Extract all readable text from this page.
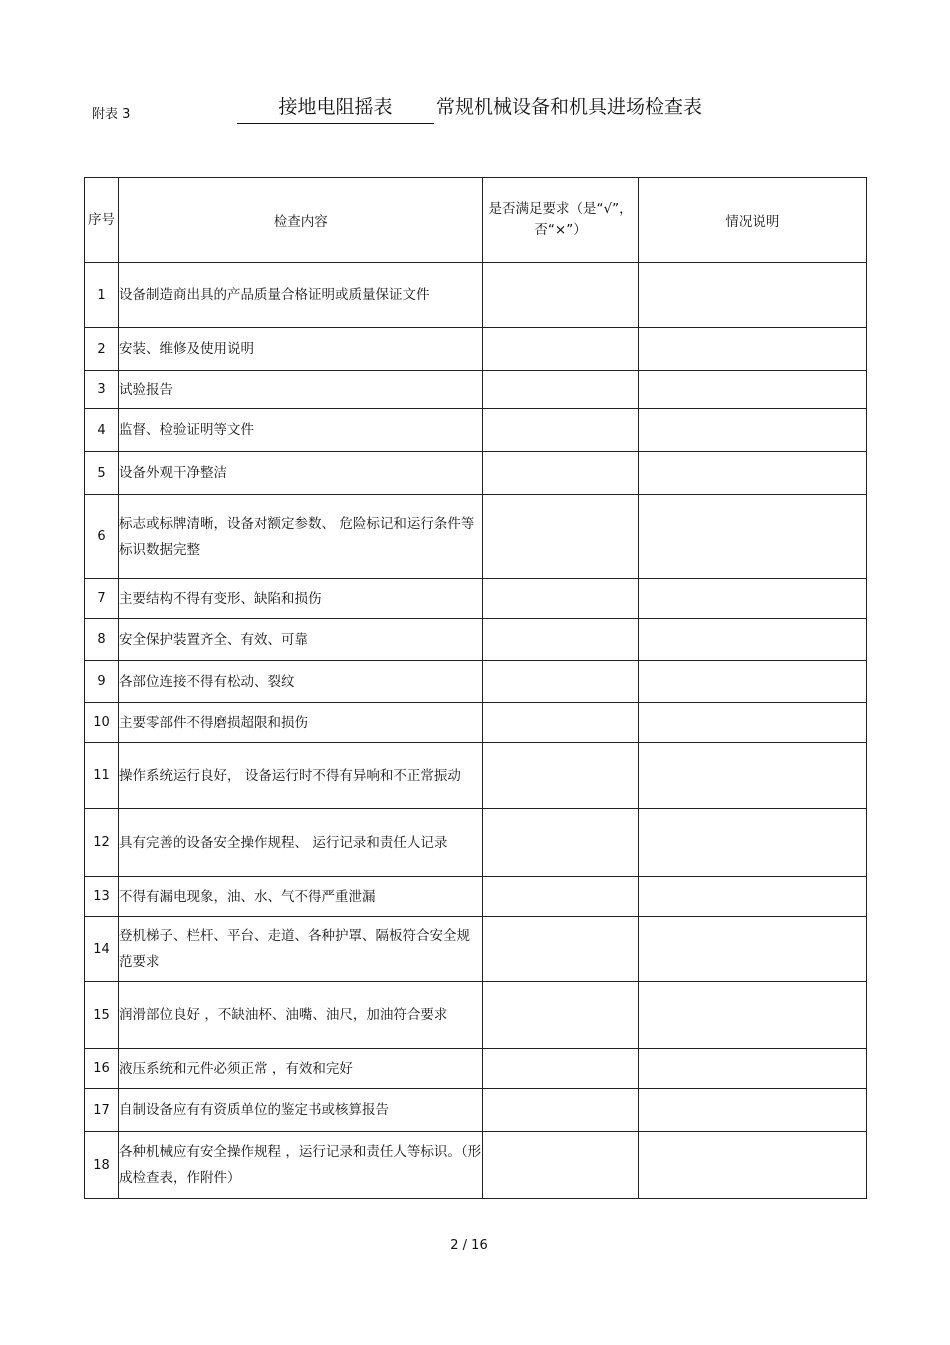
附表 3	接地电阻摇表	常规机械设备和机具进场检查表
序号	检查内容	是否满足要求（是“√”，否“×”）	情况说明
1	设备制造商出具的产品质量合格证明或质量保证文件		
2	安装、维修及使用说明		
3	试验报告		
4	监督、检验证明等文件		
5	设备外观干净整洁		
6	标志或标牌清晰，设备对额定参数、 危险标记和运行条件等标识数据完整		
7	主要结构不得有变形、缺陷和损伤		
8	安全保护装置齐全、有效、可靠		
9	各部位连接不得有松动、裂纹		
10	主要零部件不得磨损超限和损伤		
11	操作系统运行良好， 设备运行时不得有异响和不正常振动		
12	具有完善的设备安全操作规程、 运行记录和责任人记录		
13	不得有漏电现象，油、水、气不得严重泄漏		
14	登机梯子、栏杆、平台、走道、各种护罩、隔板符合安全规范要求		
15	润滑部位良好 ，不缺油杯、油嘴、油尺，加油符合要求		
16	液压系统和元件必须正常 ，有效和完好		
17	自制设备应有有资质单位的鉴定书或核算报告		
18	各种机械应有安全操作规程 ，运行记录和责任人等标识。（形成检查表，作附件）		
2 / 16
